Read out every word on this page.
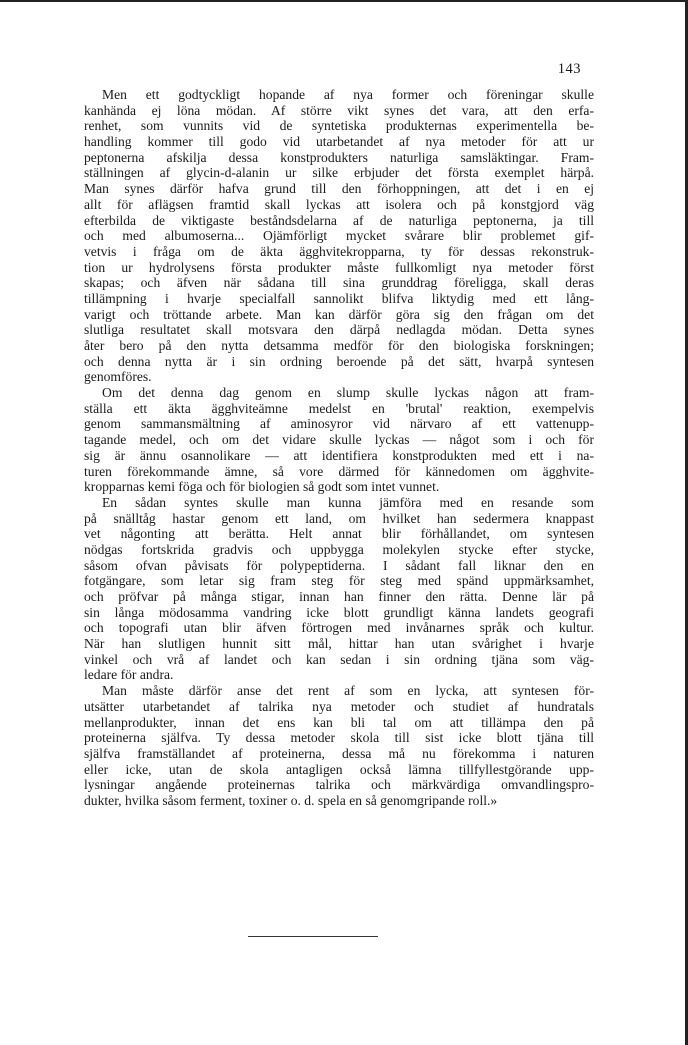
143
Men ett godtyckligt hopande af nya former och föreningar skulle
kanhända ej löna mödan. Af större vikt synes det vara, att den erfa-
renhet, som vunnits vid de syntetiska produkternas experimentella be-
handling kommer till godo vid utarbetandet af nya metoder för att ur
peptonerna afskilja dessa konstprodukters naturliga samsläktingar. Fram-
ställningen af glycin-d-alanin ur silke erbjuder det första exemplet härpå.
Man synes därför hafva grund till den förhoppningen, att det i en ej
allt för aflägsen framtid skall lyckas att isolera och på konstgjord väg
efterbilda de viktigaste beståndsdelarna af de naturliga peptonerna, ja till
och med albumoserna... Ojämförligt mycket svårare blir problemet gif-
vetvis i fråga om de äkta ägghvitekropparna, ty för dessas rekonstruk-
tion ur hydrolysens första produkter måste fullkomligt nya metoder först
skapas; och äfven när sådana till sina grunddrag föreligga, skall deras
tillämpning i hvarje specialfall sannolikt blifva liktydig med ett lång-
varigt och tröttande arbete. Man kan därför göra sig den frågan om det
slutliga resultatet skall motsvara den därpå nedlagda mödan. Detta synes
åter bero på den nytta detsamma medför för den biologiska forskningen;
och denna nytta är i sin ordning beroende på det sätt, hvarpå syntesen
genomföres.
Om det denna dag genom en slump skulle lyckas någon att fram-
ställa ett äkta ägghviteämne medelst en 'brutal' reaktion, exempelvis
genom sammansmältning af aminosyror vid närvaro af ett vattenupp-
tagande medel, och om det vidare skulle lyckas — något som i och för
sig är ännu osannolikare — att identifiera konstprodukten med ett i na-
turen förekommande ämne, så vore därmed för kännedomen om ägghvite-
kropparnas kemi föga och för biologien så godt som intet vunnet.
En sådan syntes skulle man kunna jämföra med en resande som
på snälltåg hastar genom ett land, om hvilket han sedermera knappast
vet någonting att berätta. Helt annat blir förhållandet, om syntesen
nödgas fortskrida gradvis och uppbygga molekylen stycke efter stycke,
såsom ofvan påvisats för polypeptiderna. I sådant fall liknar den en
fotgängare, som letar sig fram steg för steg med spänd uppmärksamhet,
och pröfvar på många stigar, innan han finner den rätta. Denne lär på
sin långa mödosamma vandring icke blott grundligt känna landets geografi
och topografi utan blir äfven förtrogen med invånarnes språk och kultur.
När han slutligen hunnit sitt mål, hittar han utan svårighet i hvarje
vinkel och vrå af landet och kan sedan i sin ordning tjäna som väg-
ledare för andra.
Man måste därför anse det rent af som en lycka, att syntesen för-
utsätter utarbetandet af talrika nya metoder och studiet af hundratals
mellanprodukter, innan det ens kan bli tal om att tillämpa den på
proteinerna själfva. Ty dessa metoder skola till sist icke blott tjäna till
själfva framställandet af proteinerna, dessa må nu förekomma i naturen
eller icke, utan de skola antagligen också lämna tillfyllestgörande upp-
lysningar angående proteinernas talrika och märkvärdiga omvandlingspro-
dukter, hvilka såsom ferment, toxiner o. d. spela en så genomgripande roll.»
